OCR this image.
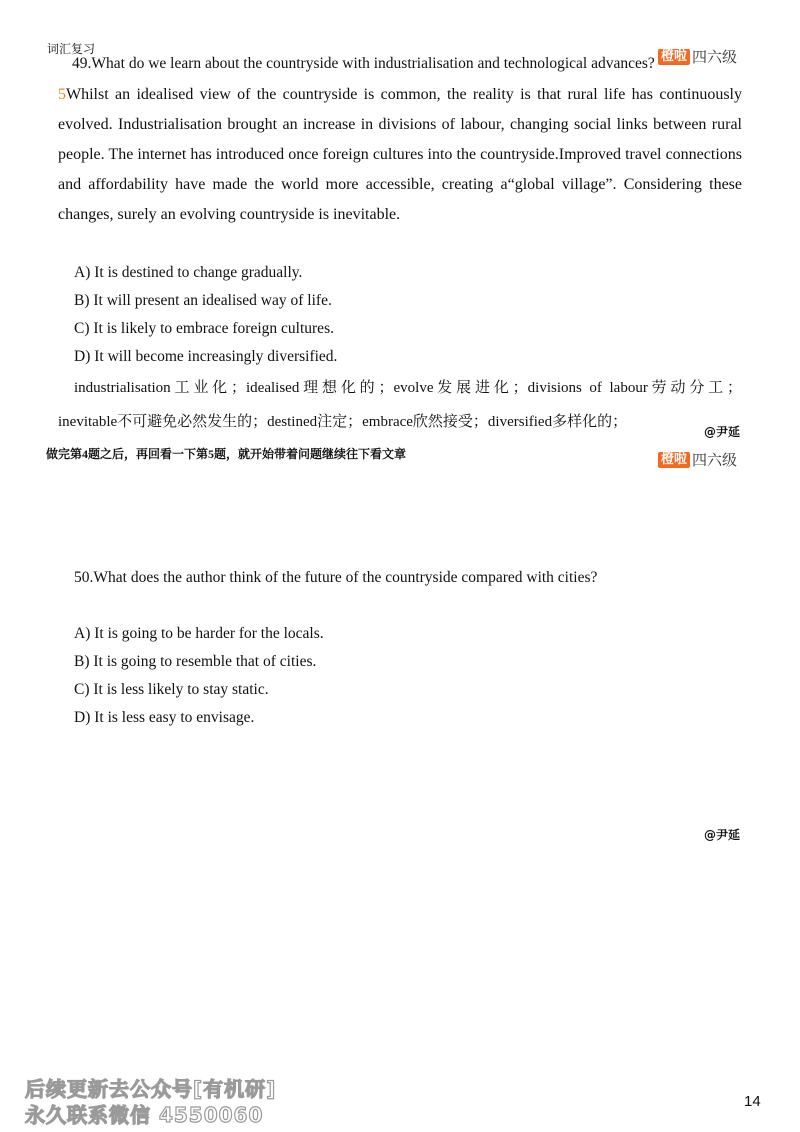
词汇复习	橙啦 四六级
49.What do we learn about the countryside with industrialisation and technological advances?
5Whilst an idealised view of the countryside is common, the reality is that rural life has continuously evolved. Industrialisation brought an increase in divisions of labour, changing social links between rural people. The internet has introduced once foreign cultures into the countryside.Improved travel connections and affordability have made the world more accessible, creating a“global village”. Considering these changes, surely an evolving countryside is inevitable.
A) It is destined to change gradually.
B) It will present an idealised way of life.
C) It is likely to embrace foreign cultures.
D) It will become increasingly diversified.
industrialisation工业化；idealised理想化的；evolve发展进化；divisions of labour劳动分工；
inevitable不可避免必然发生的；destined注定；embrace欣然接受；diversified多样化的；
@尹延
做完第4题之后，再回看一下第5题，就开始带着问题继续往下看文章	橙啦 四六级
50.What does the author think of the future of the countryside compared with cities?
A) It is going to be harder for the locals.
B) It is going to resemble that of cities.
C) It is less likely to stay static.
D) It is less easy to envisage.
@尹延
后续更新去公众号[有机研]
永久联系微信 4550060
14
